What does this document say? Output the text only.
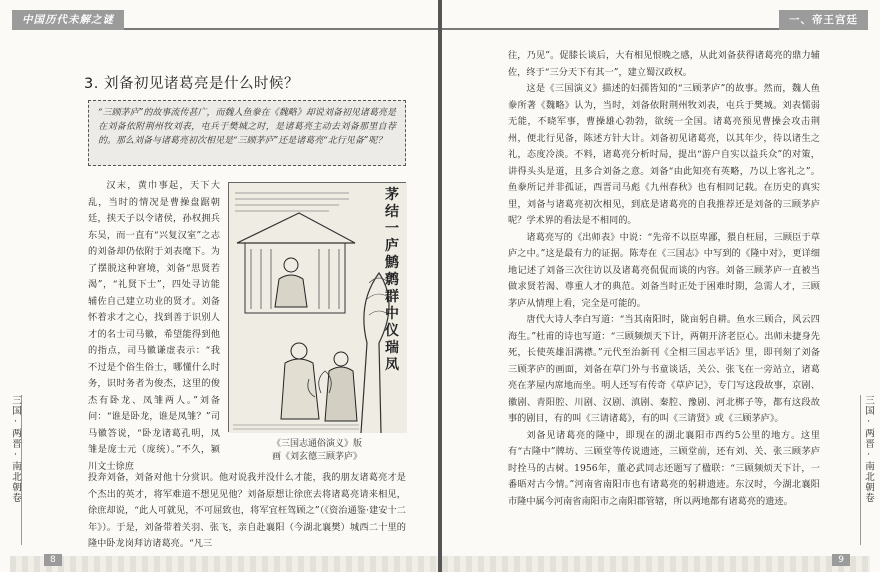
中国历代未解之谜
3. 刘备初见诸葛亮是什么时候？
“三顾茅庐”的故事流传甚广，而魏人鱼豢在《魏略》却说刘备初见诸葛亮是在刘备依附荆州牧刘表，屯兵于樊城之时，是诸葛亮主动去刘备那里自荐的。那么刘备与诸葛亮初次相见是“三顾茅庐”还是诸葛亮“北行见备”呢？

汉末，黄巾事起，天下大乱，当时的情况是曹操盘踞朝廷，挟天子以令诸侯，孙权拥兵东吴，而一直有“兴复汉室”之志的刘备却仍依附于刘表麾下。为了摆脱这种窘境，刘备“思贤若渴”，“礼贤下士”，四处寻访能辅佐自己建立功业的贤才。刘备怀着求才之心，找到善于识别人才的名士司马徽，希望能得到他的指点，司马徽谦虚表示：“我不过是个俗生俗士，哪懂什么时务，识时务者为俊杰，这里的俊杰有卧龙、凤雏两人。”刘备问：“谁是卧龙，谁是凤雏？”司马徽答说，“卧龙诸葛孔明，凤雏是庞士元（庞统）。”不久，颍川文士徐庶

茅结一庐鹪鹩群中仪瑞凤
《三国志通俗演义》版
画《刘玄德三顾茅庐》

投奔刘备，刘备对他十分赏识。他对说我并没什么才能，我的朋友诸葛亮才是个杰出的英才，将军难道不想见见他？刘备原想让徐庶去将诸葛亮请来相见，徐庶却说，“此人可就见，不可屈致也，将军宜枉驾顾之”（《资治通鉴·建安十二年》）。于是，刘备带着关羽、张飞，亲自赴襄阳（今湖北襄樊）城西二十里的隆中卧龙岗拜访诸葛亮。“凡三

三国·两晋·南北朝卷
8
一、帝王宫廷

往，乃见”。促膝长谈后，大有相见恨晚之感，从此刘备获得诸葛亮的鼎力辅佐，终于“三分天下有其一”，建立蜀汉政权。

这是《三国演义》描述的妇孺皆知的“三顾茅庐”的故事。然而，魏人鱼豢所著《魏略》认为，当时，刘备依附荆州牧刘表，屯兵于樊城。刘表懦弱无能，不晓军事，曹操雄心勃勃，欲统一全国。诸葛亮预见曹操会攻击荆州，便北行见备，陈述方针大计。刘备初见诸葛亮，以其年少，待以诸生之礼，态度冷淡。不料，诸葛亮分析时局，提出“游户自实以益兵众”的对策，讲得头头是道，且多合刘备之意。刘备“由此知亮有英略，乃以上客礼之”。鱼豢所记并非孤证，西晋司马彪《九州春秋》也有相同记载。在历史的真实里，刘备与诸葛亮初次相见，到底是诸葛亮的自我推荐还是刘备的三顾茅庐呢？学术界的看法是不相同的。

诸葛亮写的《出师表》中说：“先帝不以臣卑鄙，猥自枉屈，三顾臣于草庐之中。”这是最有力的证据。陈寿在《三国志》中写到的《隆中对》，更详细地记述了刘备三次往访以及诸葛亮侃侃而谈的内容。刘备三顾茅庐一直被当做求贤若渴、尊重人才的典范。刘备当时正处于困难时期，急需人才，三顾茅庐从情理上看，完全是可能的。

唐代大诗人李白写道：“当其南阳时，陇亩躬自耕。鱼水三顾合，风云四海生。”杜甫的诗也写道：“三顾频烦天下计，两朝开济老臣心。出师未捷身先死，长使英雄泪满襟。”元代至治新刊《全相三国志平话》里，即刊刻了刘备三顾茅庐的画面，刘备在草门外与书童谈话，关公、张飞在一旁站立，诸葛亮在茅屋内席地而坐。明人还写有传奇《草庐记》，专门写这段故事，京剧、徽剧、青阳腔、川剧、汉剧、滇剧、秦腔、豫剧、河北梆子等，都有这段故事的剧目，有的叫《三请诸葛》，有的叫《三请贤》或《三顾茅庐》。

刘备见诸葛亮的隆中，即现在的湖北襄阳市西约5公里的地方。这里有“古隆中”牌坊、三顾堂等传说遗迹，三顾堂前，还有刘、关、张三顾茅庐时拴马的古树。1956年，董必武同志还题写了楹联：“三顾频烦天下计，一番晤对古今情。”河南省南阳市也有诸葛亮的躬耕遗迹。东汉时，今湖北襄阳市隆中属今河南省南阳市之南阳郡管辖，所以两地都有诸葛亮的遗迹。	三国·两晋·南北朝卷
9
